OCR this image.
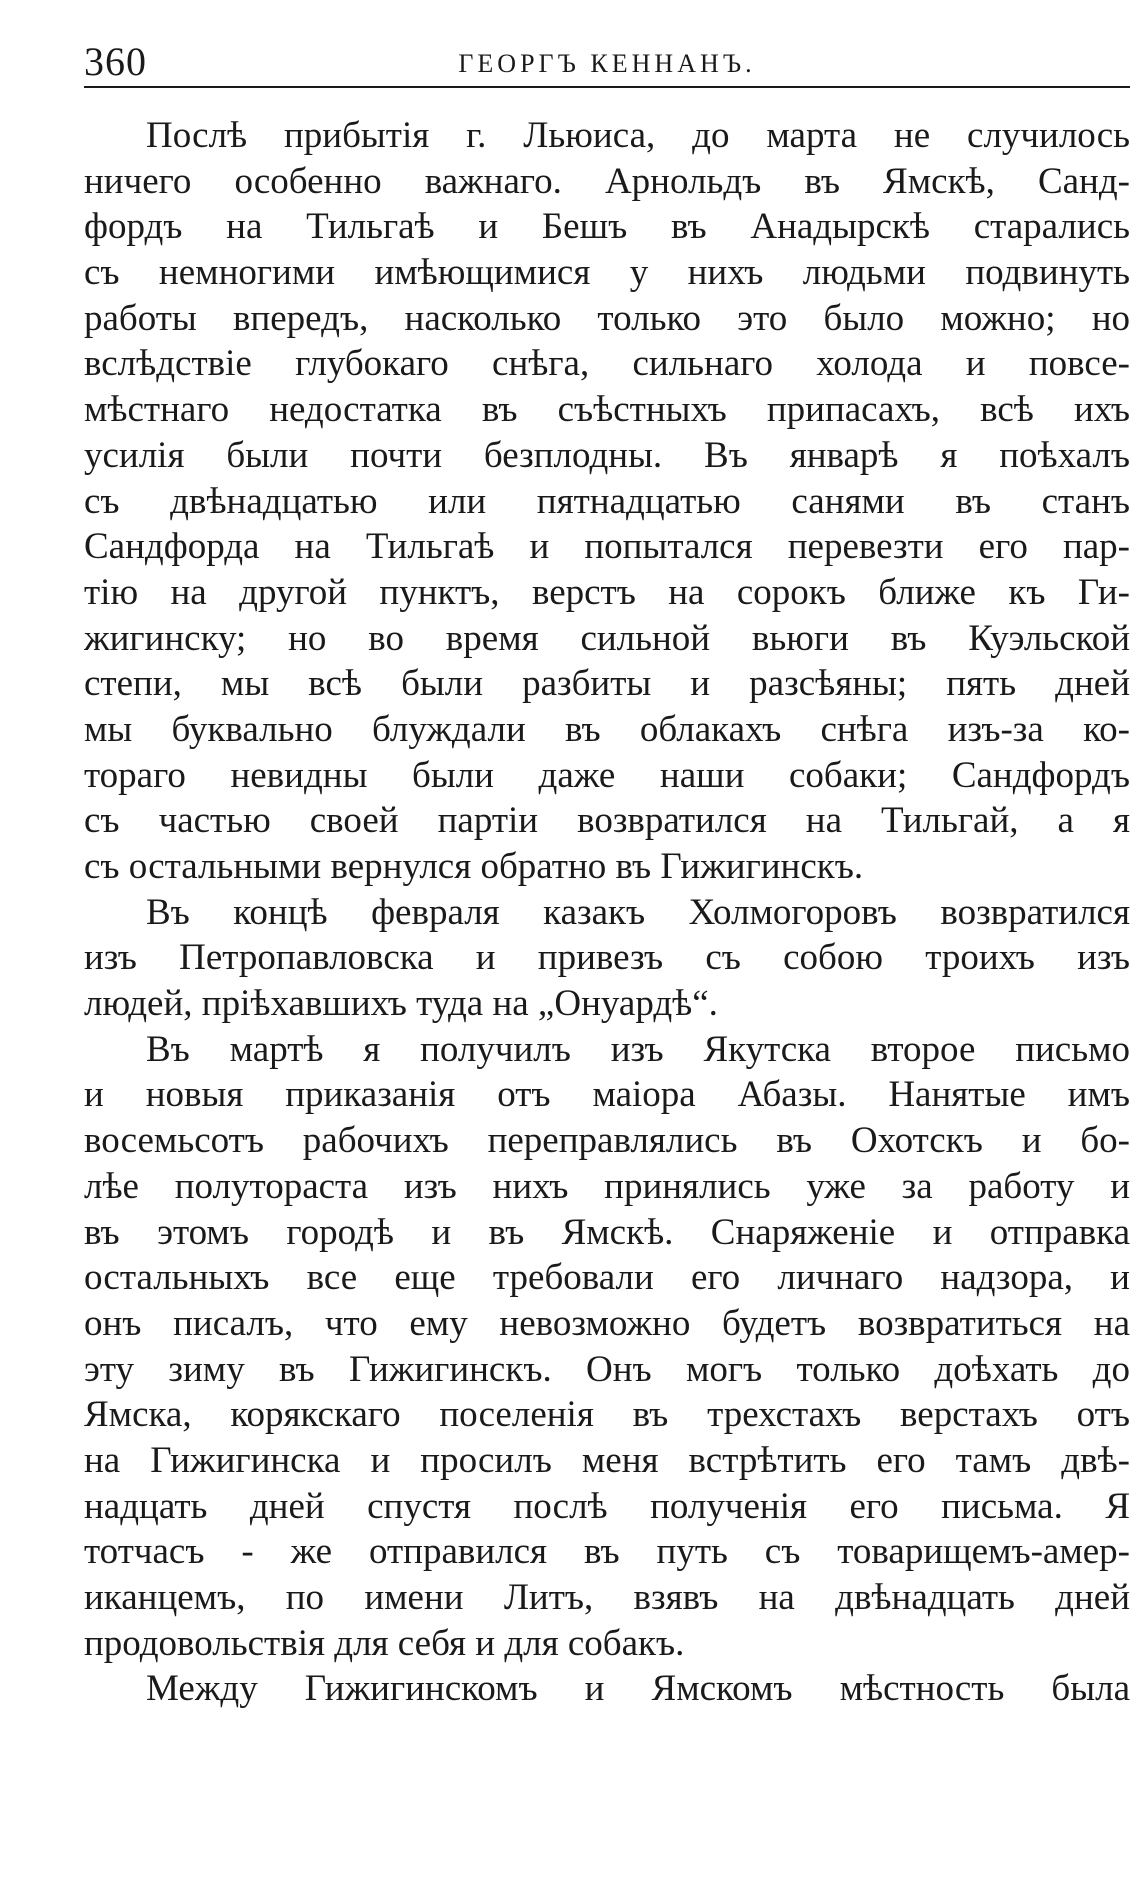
360	ГЕОРГЪ КЕННАНЪ.
Послѣ прибытія г. Льюиса, до марта не случилось
ничего особенно важнаго. Арнольдъ въ Ямскѣ, Санд-
фордъ на Тильгаѣ и Бешъ въ Анадырскѣ старались
съ немногими имѣющимися у нихъ людьми подвинуть
работы впередъ, насколько только это было можно; но
вслѣдствіе глубокаго снѣга, сильнаго холода и повсе-
мѣстнаго недостатка въ съѣстныхъ припасахъ, всѣ ихъ
усилія были почти безплодны. Въ январѣ я поѣхалъ
съ двѣнадцатью или пятнадцатью санями въ станъ
Сандфорда на Тильгаѣ и попытался перевезти его пар-
тію на другой пунктъ, верстъ на сорокъ ближе къ Ги-
жигинску; но во время сильной вьюги въ Куэльской
степи, мы всѣ были разбиты и разсѣяны; пять дней
мы буквально блуждали въ облакахъ снѣга изъ-за ко-
тораго невидны были даже наши собаки; Сандфордъ
съ частью своей партіи возвратился на Тильгай, а я
съ остальными вернулся обратно въ Гижигинскъ.
Въ концѣ февраля казакъ Холмогоровъ возвратился
изъ Петропавловска и привезъ съ собою троихъ изъ
людей, пріѣхавшихъ туда на „Онуардѣ“.
Въ мартѣ я получилъ изъ Якутска второе письмо
и новыя приказанія отъ маіора Абазы. Нанятые имъ
восемьсотъ рабочихъ переправлялись въ Охотскъ и бо-
лѣе полутораста изъ нихъ принялись уже за работу и
въ этомъ городѣ и въ Ямскѣ. Снаряженіе и отправка
остальныхъ все еще требовали его личнаго надзора, и
онъ писалъ, что ему невозможно будетъ возвратиться на
эту зиму въ Гижигинскъ. Онъ могъ только доѣхать до
Ямска, корякскаго поселенія въ трехстахъ верстахъ отъ
на Гижигинска и просилъ меня встрѣтить его тамъ двѣ-
надцать дней спустя послѣ полученія его письма. Я
тотчасъ - же отправился въ путь съ товарищемъ-амер-
иканцемъ, по имени Литъ, взявъ на двѣнадцать дней
продовольствія для себя и для собакъ.
Между Гижигинскомъ и Ямскомъ мѣстность была
